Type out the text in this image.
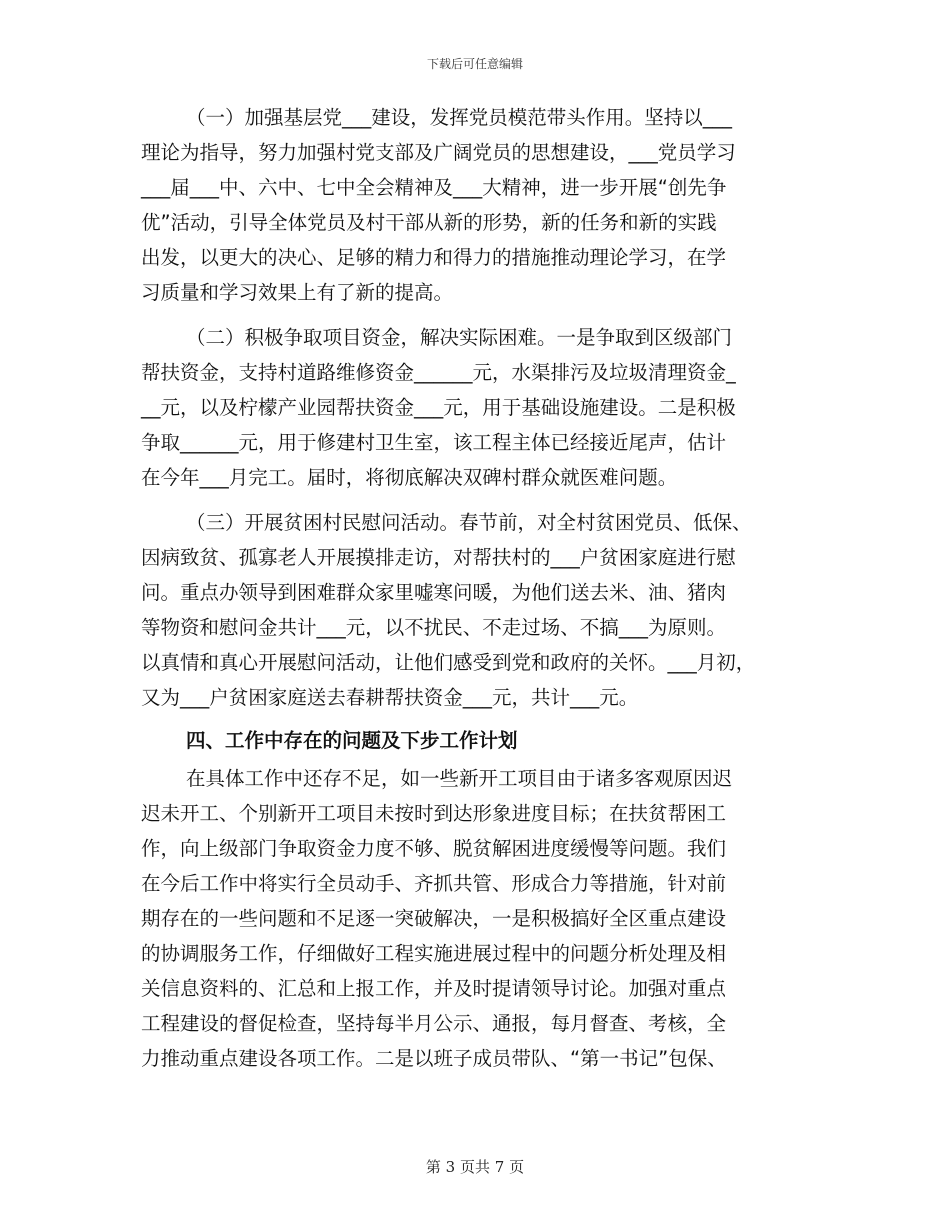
下载后可任意编辑
（一）加强基层党___建设，发挥党员模范带头作用。坚持以___
理论为指导，努力加强村党支部及广阔党员的思想建设，___党员学习
___届___中、六中、七中全会精神及___大精神，进一步开展“创先争
优”活动，引导全体党员及村干部从新的形势，新的任务和新的实践
出发，以更大的决心、足够的精力和得力的措施推动理论学习，在学
习质量和学习效果上有了新的提高。
（二）积极争取项目资金，解决实际困难。一是争取到区级部门
帮扶资金，支持村道路维修资金______元，水渠排污及垃圾清理资金_
__元，以及柠檬产业园帮扶资金___元，用于基础设施建设。二是积极
争取______元，用于修建村卫生室，该工程主体已经接近尾声，估计
在今年___月完工。届时，将彻底解决双碑村群众就医难问题。
（三）开展贫困村民慰问活动。春节前，对全村贫困党员、低保、
因病致贫、孤寡老人开展摸排走访，对帮扶村的___户贫困家庭进行慰
问。重点办领导到困难群众家里嘘寒问暖，为他们送去米、油、猪肉
等物资和慰问金共计___元，以不扰民、不走过场、不搞___为原则。
以真情和真心开展慰问活动，让他们感受到党和政府的关怀。___月初，
又为___户贫困家庭送去春耕帮扶资金___元，共计___元。
四、工作中存在的问题及下步工作计划
在具体工作中还存不足，如一些新开工项目由于诸多客观原因迟
迟未开工、个别新开工项目未按时到达形象进度目标；在扶贫帮困工
作，向上级部门争取资金力度不够、脱贫解困进度缓慢等问题。我们
在今后工作中将实行全员动手、齐抓共管、形成合力等措施，针对前
期存在的一些问题和不足逐一突破解决，一是积极搞好全区重点建设
的协调服务工作，仔细做好工程实施进展过程中的问题分析处理及相
关信息资料的、汇总和上报工作，并及时提请领导讨论。加强对重点
工程建设的督促检查，坚持每半月公示、通报，每月督查、考核，全
力推动重点建设各项工作。二是以班子成员带队、“第一书记”包保、
第 3 页共 7 页
